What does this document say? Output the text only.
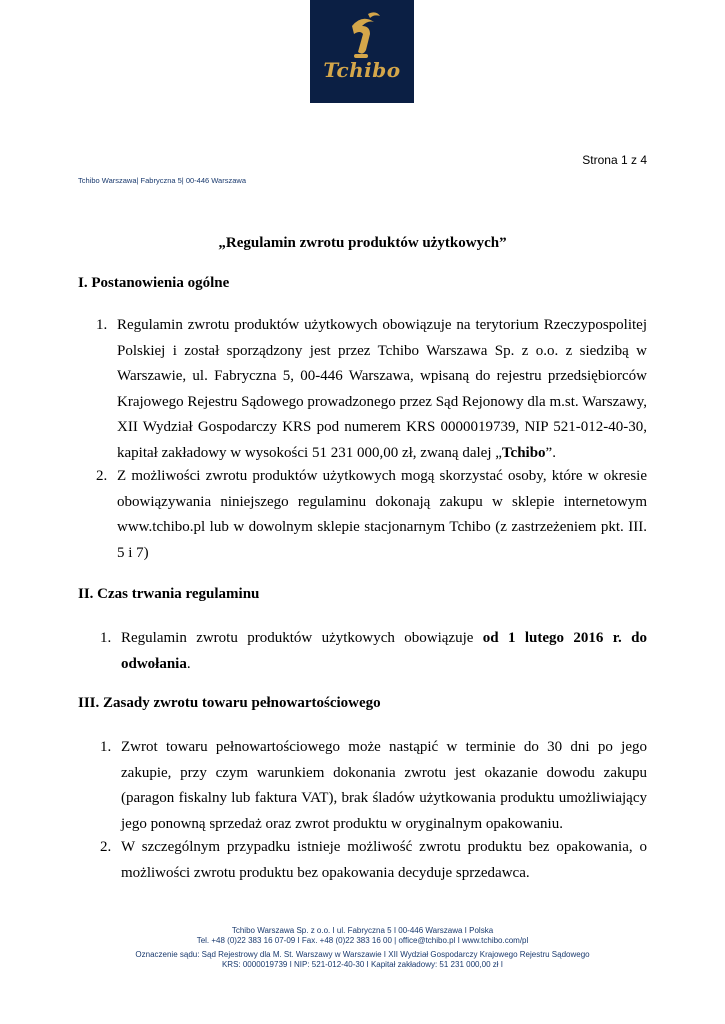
Tchibo
Strona 1 z 4
Tchibo Warszawa| Fabryczna 5| 00-446 Warszawa
„Regulamin zwrotu produktów użytkowych”
I. Postanowienia ogólne
1. Regulamin zwrotu produktów użytkowych obowiązuje na terytorium Rzeczypospolitej Polskiej i został sporządzony jest przez Tchibo Warszawa Sp. z o.o. z siedzibą w Warszawie, ul. Fabryczna 5, 00-446 Warszawa, wpisaną do rejestru przedsiębiorców Krajowego Rejestru Sądowego prowadzonego przez Sąd Rejonowy dla m.st. Warszawy, XII Wydział Gospodarczy KRS pod numerem KRS 0000019739, NIP 521-012-40-30, kapitał zakładowy w wysokości 51 231 000,00 zł, zwaną dalej „Tchibo”.
2. Z możliwości zwrotu produktów użytkowych mogą skorzystać osoby, które w okresie obowiązywania niniejszego regulaminu dokonają zakupu w sklepie internetowym www.tchibo.pl lub w dowolnym sklepie stacjonarnym Tchibo (z zastrzeżeniem pkt. III. 5 i 7)
II. Czas trwania regulaminu
1. Regulamin zwrotu produktów użytkowych obowiązuje od 1 lutego 2016 r. do odwołania.
III. Zasady zwrotu towaru pełnowartościowego
1. Zwrot towaru pełnowartościowego może nastąpić w terminie do 30 dni po jego zakupie, przy czym warunkiem dokonania zwrotu jest okazanie dowodu zakupu (paragon fiskalny lub faktura VAT), brak śladów użytkowania produktu umożliwiający jego ponowną sprzedaż oraz zwrot produktu w oryginalnym opakowaniu.
2. W szczególnym przypadku istnieje możliwość zwrotu produktu bez opakowania, o możliwości zwrotu produktu bez opakowania decyduje sprzedawca.
Tchibo Warszawa Sp. z o.o. I ul. Fabryczna 5 I 00-446 Warszawa I Polska
Tel. +48 (0)22 383 16 07-09 I Fax. +48 (0)22 383 16 00 | office@tchibo.pl I www.tchibo.com/pl
Oznaczenie sądu: Sąd Rejestrowy dla M. St. Warszawy w Warszawie I XII Wydział Gospodarczy Krajowego Rejestru Sądowego
KRS: 0000019739 I NIP: 521-012-40-30 I Kapitał zakładowy: 51 231 000,00 zł I
